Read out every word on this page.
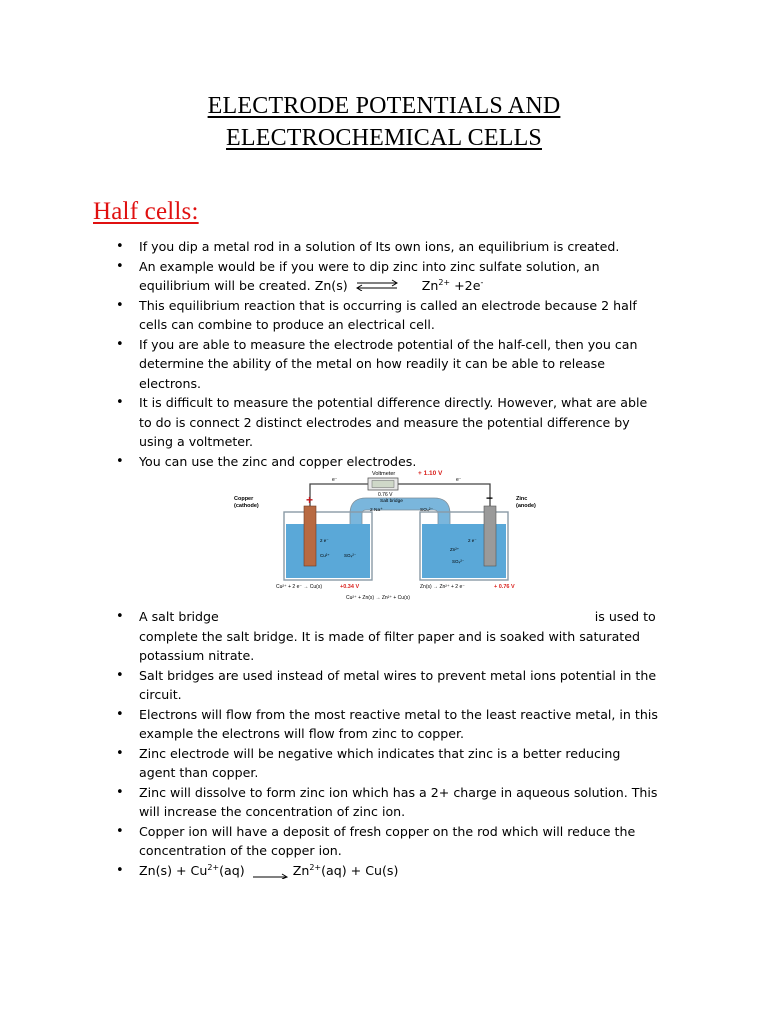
ELECTRODE POTENTIALS AND
ELECTROCHEMICAL CELLS
Half cells:
• If you dip a metal rod in a solution of Its own ions, an equilibrium is created.
• An example would be if you were to dip zinc into zinc sulfate solution, an equilibrium will be created. Zn(s) ⇌ $Zn^{2+} +2e^-$
• This equilibrium reaction that is occurring is called an electrode because 2 half cells can combine to produce an electrical cell.
• If you are able to measure the electrode potential of the half-cell, then you can determine the ability of the metal on how readily it can be able to release electrons.
• It is difficult to measure the potential difference directly. However, what are able to do is connect 2 distinct electrodes and measure the potential difference by using a voltmeter.
• You can use the zinc and copper electrodes.
e⁻	e⁻
Voltmeter	+ 1.10 V
0.76 V
Salt bridge
2 Na⁺	SO₄²⁻
+
Copper
(cathode)
2 e⁻
Cu²⁺	SO₄²⁻
−	Zinc
(anode)
2 e⁻
Zn²⁺
SO₄²⁻
Cu²⁺ + 2 e⁻ → Cu(s)	+0.34 V	Zn(s) → Zn²⁺ + 2 e⁻	+ 0.76 V
Cu²⁺ + Zn(s) → Zn²⁺ + Cu(s)
• A salt bridge	is used to complete the salt bridge. It is made of filter paper and is soaked with saturated potassium nitrate.
• Salt bridges are used instead of metal wires to prevent metal ions potential in the circuit.
• Electrons will flow from the most reactive metal to the least reactive metal, in this example the electrons will flow from zinc to copper.
• Zinc electrode will be negative which indicates that zinc is a better reducing agent than copper.
• Zinc will dissolve to form zinc ion which has a 2+ charge in aqueous solution. This will increase the concentration of zinc ion.
• Copper ion will have a deposit of fresh copper on the rod which will reduce the concentration of the copper ion.
• $Zn(s) + Cu^{2+}(aq) \to Zn^{2+}(aq) + Cu(s)$
